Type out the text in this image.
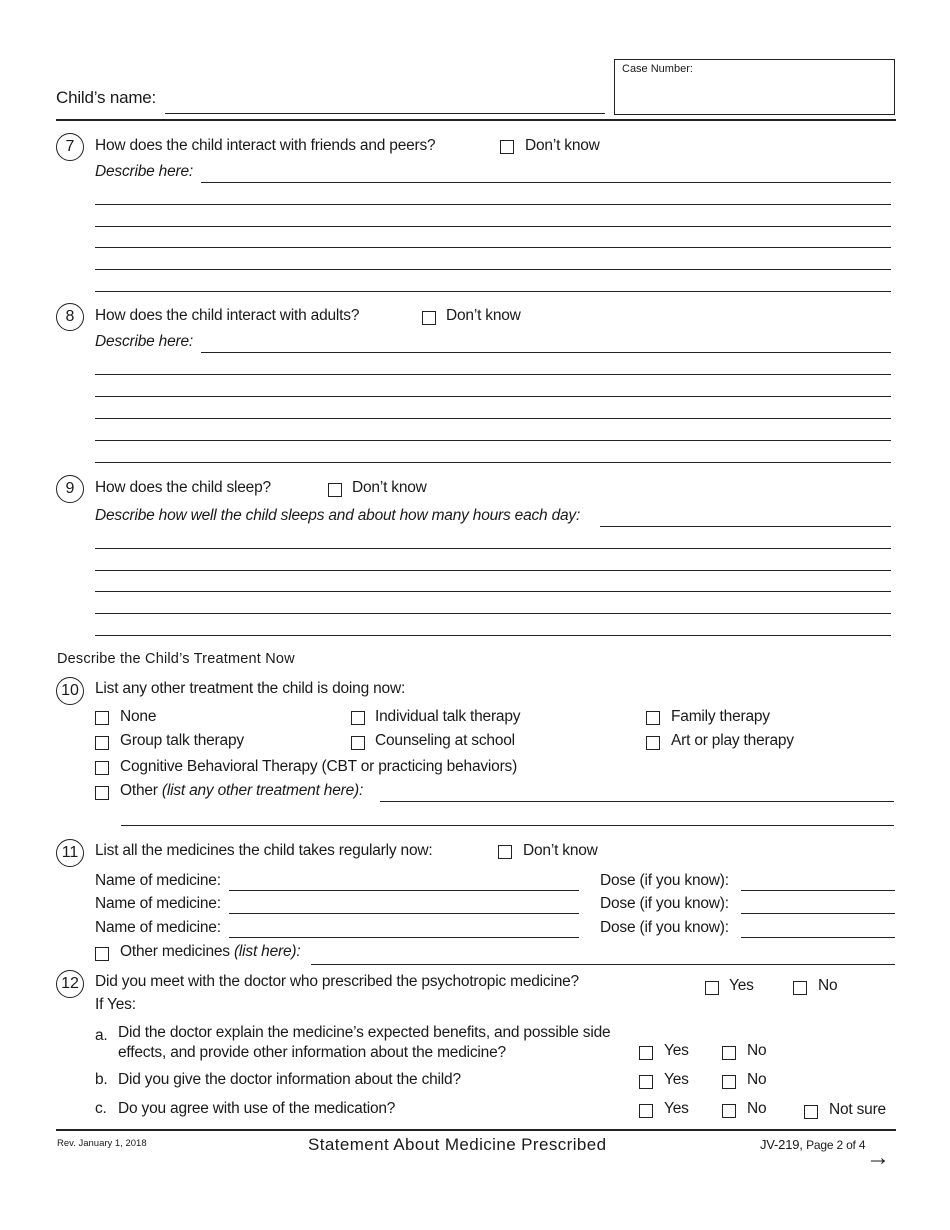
Child’s name:
Case Number:
7	How does the child interact with friends and peers?	Don’t know
Describe here:
8	How does the child interact with adults?	Don’t know
Describe here:
9	How does the child sleep?	Don’t know
Describe how well the child sleeps and about how many hours each day:
Describe the Child’s Treatment Now
10	List any other treatment the child is doing now:
None	Individual talk therapy	Family therapy
Group talk therapy	Counseling at school	Art or play therapy
Cognitive Behavioral Therapy (CBT or practicing behaviors)
Other (list any other treatment here):
11	List all the medicines the child takes regularly now:	Don’t know
Name of medicine:	Dose (if you know):
Name of medicine:	Dose (if you know):
Name of medicine:	Dose (if you know):
Other medicines (list here):
12	Did you meet with the doctor who prescribed the psychotropic medicine?
If Yes:
Yes	No
a. Did the doctor explain the medicine’s expected benefits, and possible side
effects, and provide other information about the medicine?	Yes	No
b. Did you give the doctor information about the child?	Yes	No
c. Do you agree with use of the medication?	Yes	No	Not sure
Rev. January 1, 2018	Statement About Medicine Prescribed	JV-219, Page 2 of 4 →
